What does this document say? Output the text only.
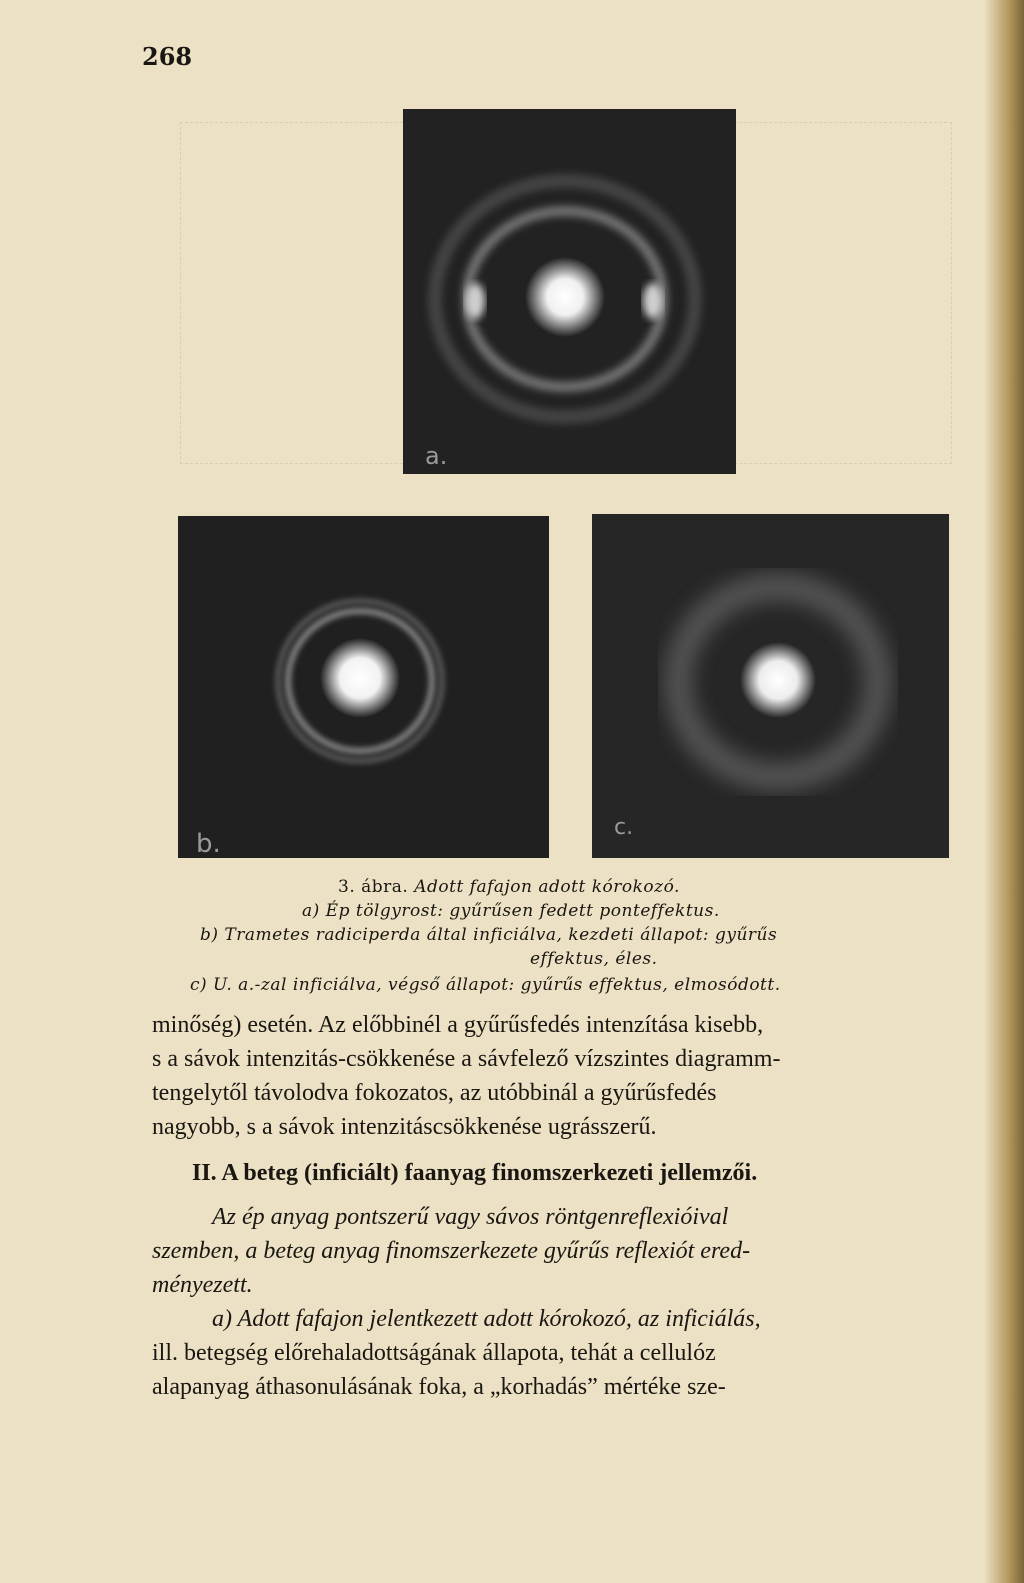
268
a.
b.
c.
3. ábra. Adott fafajon adott kórokozó.
a) Ép tölgyrost: gyűrűsen fedett ponteffektus.
b) Trametes radiciperda által inficiálva, kezdeti állapot: gyűrűs
effektus, éles.
c) U. a.-zal inficiálva, végső állapot: gyűrűs effektus, elmosódott.
minőség) esetén. Az előbbinél a gyűrűsfedés intenzítása kisebb,
s a sávok intenzitás-csökkenése a sávfelező vízszintes diagramm-
tengelytől távolodva fokozatos, az utóbbinál a gyűrűsfedés
nagyobb, s a sávok intenzitáscsökkenése ugrásszerű.
II. A beteg (inficiált) faanyag finomszerkezeti jellemzői.
Az ép anyag pontszerű vagy sávos röntgenreflexióival
szemben, a beteg anyag finomszerkezete gyűrűs reflexiót ered-
ményezett.
a) Adott fafajon jelentkezett adott kórokozó, az inficiálás,
ill. betegség előrehaladottságának állapota, tehát a cellulóz
alapanyag áthasonulásának foka, a „korhadás” mértéke sze-
